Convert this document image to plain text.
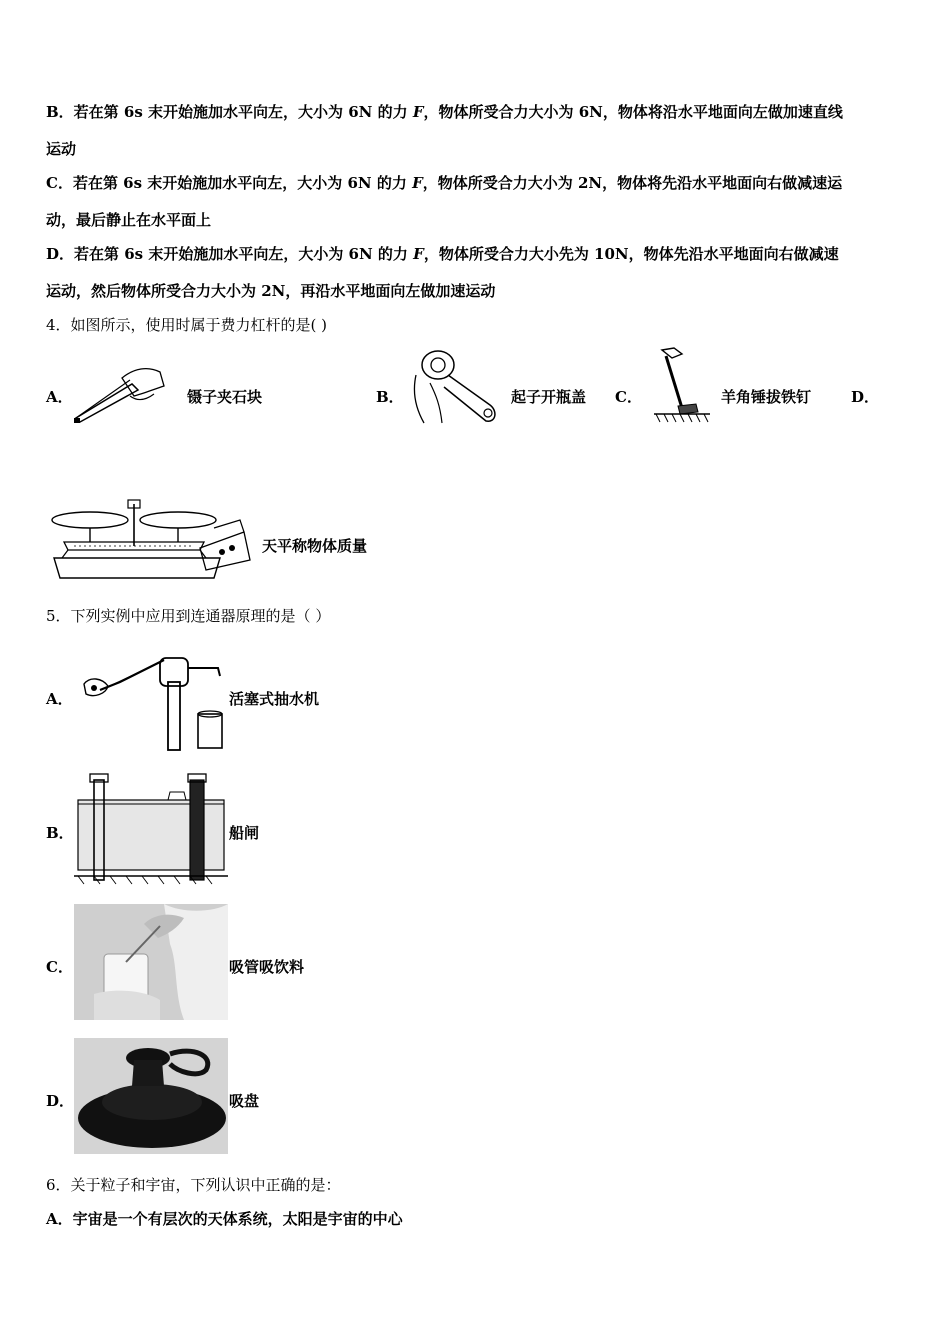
B．若在第 6s 末开始施加水平向左，大小为 6N 的力 F，物体所受合力大小为 6N，物体将沿水平地面向左做加速直线
运动
C．若在第 6s 末开始施加水平向左，大小为 6N 的力 F，物体所受合力大小为 2N，物体将先沿水平地面向右做减速运
动，最后静止在水平面上
D．若在第 6s 末开始施加水平向左，大小为 6N 的力 F，物体所受合力大小先为 10N，物体先沿水平地面向右做减速
运动，然后物体所受合力大小为 2N，再沿水平地面向左做加速运动
4．如图所示，使用时属于费力杠杆的是( )
A．	镊子夹石块	B．	起子开瓶盖 C．	羊角锤拔铁钉	D．
天平称物体质量
5．下列实例中应用到连通器原理的是（ ）
A．	活塞式抽水机
B．	船闸
C．	吸管吸饮料
D．	吸盘
6．关于粒子和宇宙，下列认识中正确的是：
A．宇宙是一个有层次的天体系统，太阳是宇宙的中心
